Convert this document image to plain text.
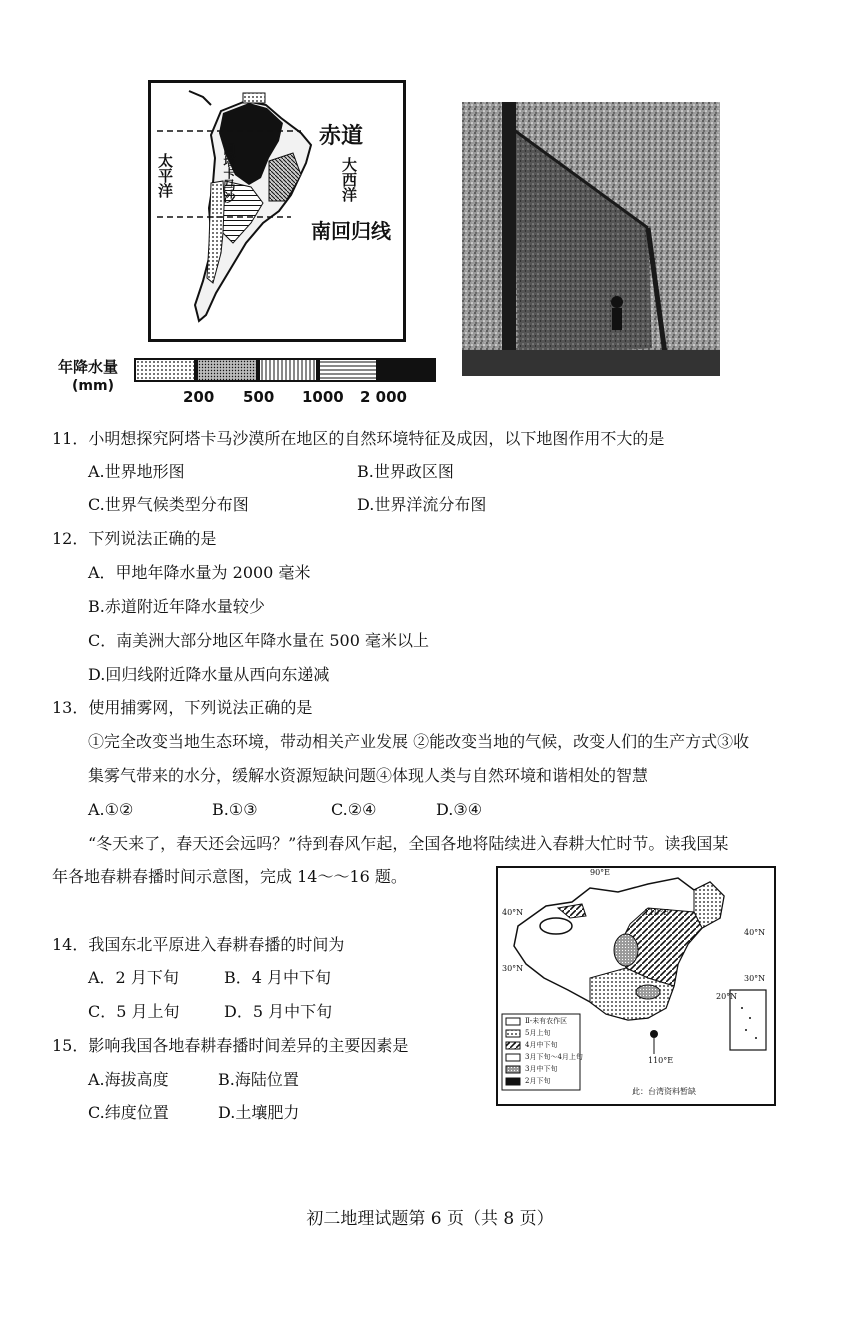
赤道
南回归线
太平洋	大西洋
阿塔卡马沙
年降水量
(mm)
200 500 1000 2 000
11．小明想探究阿塔卡马沙漠所在地区的自然环境特征及成因，以下地图作用不大的是
A.世界地形图	B.世界政区图
C.世界气候类型分布图	D.世界洋流分布图
12．下列说法正确的是
A．甲地年降水量为 2000 毫米
B.赤道附近年降水量较少
C．南美洲大部分地区年降水量在 500 毫米以上
D.回归线附近降水量从西向东递减
13．使用捕雾网，下列说法正确的是
①完全改变当地生态环境，带动相关产业发展 ②能改变当地的气候，改变人们的生产方式③收
集雾气带来的水分，缓解水资源短缺问题④体现人类与自然环境和谐相处的智慧
A.①②	B.①③	C.②④	D.③④
“冬天来了，春天还会远吗？”待到春风乍起，全国各地将陆续进入春耕大忙时节。读我国某
年各地春耕春播时间示意图，完成 14～～16 题。	90°E
110°E
40°N
40°N
30°N
30°N
20°N
110°E
Ⅱ-未有农作区
5月上旬
4月中下旬
3月下旬～4月上旬
3月中下旬
2月下旬
此：台湾资料暂缺
14．我国东北平原进入春耕春播的时间为
A．2 月下旬	B．4 月中下旬
C．5 月上旬	D．5 月中下旬
15．影响我国各地春耕春播时间差异的主要因素是
A.海拔高度	B.海陆位置
C.纬度位置	D.土壤肥力
初二地理试题第 6 页（共 8 页）
